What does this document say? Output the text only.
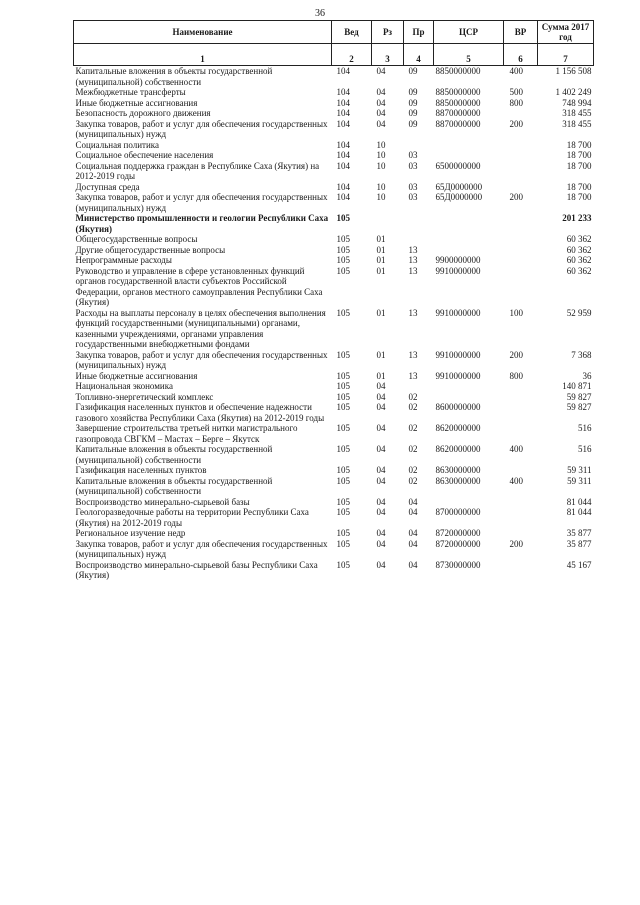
36
Наименование	Вед	Рз	Пр	ЦСР	ВР	Сумма 2017 год
1	2	3	4	5	6	7
Капитальные вложения в объекты государственной (муниципальной) собственности	104	04	09	8850000000	400	1 156 508
Межбюджетные трансферты	104	04	09	8850000000	500	1 402 249
Иные бюджетные ассигнования	104	04	09	8850000000	800	748 994
Безопасность дорожного движения	104	04	09	8870000000		318 455
Закупка товаров, работ и услуг для обеспечения государственных (муниципальных) нужд	104	04	09	8870000000	200	318 455
Социальная политика	104	10				18 700
Социальное обеспечение населения	104	10	03			18 700
Социальная поддержка граждан в Республике Саха (Якутия) на 2012-2019 годы	104	10	03	6500000000		18 700
Доступная среда	104	10	03	65Д0000000		18 700
Закупка товаров, работ и услуг для обеспечения государственных (муниципальных) нужд	104	10	03	65Д0000000	200	18 700
Министерство промышленности и геологии Республики Саха (Якутия)	105					201 233
Общегосударственные вопросы	105	01				60 362
Другие общегосударственные вопросы	105	01	13			60 362
Непрограммные расходы	105	01	13	9900000000		60 362
Руководство и управление в сфере установленных функций органов государственной власти субъектов Российской Федерации, органов местного самоуправления Республики Саха (Якутия)	105	01	13	9910000000		60 362
Расходы на выплаты персоналу в целях обеспечения выполнения функций государственными (муниципальными) органами, казенными учреждениями, органами управления государственными внебюджетными фондами	105	01	13	9910000000	100	52 959
Закупка товаров, работ и услуг для обеспечения государственных (муниципальных) нужд	105	01	13	9910000000	200	7 368
Иные бюджетные ассигнования	105	01	13	9910000000	800	36
Национальная экономика	105	04				140 871
Топливно-энергетический комплекс	105	04	02			59 827
Газификация населенных пунктов и обеспечение надежности газового хозяйства Республики Саха (Якутия) на 2012-2019 годы	105	04	02	8600000000		59 827
Завершение строительства третьей нитки магистрального газопровода СВГКМ – Мастах – Берге – Якутск	105	04	02	8620000000		516
Капитальные вложения в объекты государственной (муниципальной) собственности	105	04	02	8620000000	400	516
Газификация населенных пунктов	105	04	02	8630000000		59 311
Капитальные вложения в объекты государственной (муниципальной) собственности	105	04	02	8630000000	400	59 311
Воспроизводство минерально-сырьевой базы	105	04	04			81 044
Геологоразведочные работы на территории Республики Саха (Якутия) на 2012-2019 годы	105	04	04	8700000000		81 044
Региональное изучение недр	105	04	04	8720000000		35 877
Закупка товаров, работ и услуг для обеспечения государственных (муниципальных) нужд	105	04	04	8720000000	200	35 877
Воспроизводство минерально-сырьевой базы Республики Саха (Якутия)	105	04	04	8730000000		45 167
